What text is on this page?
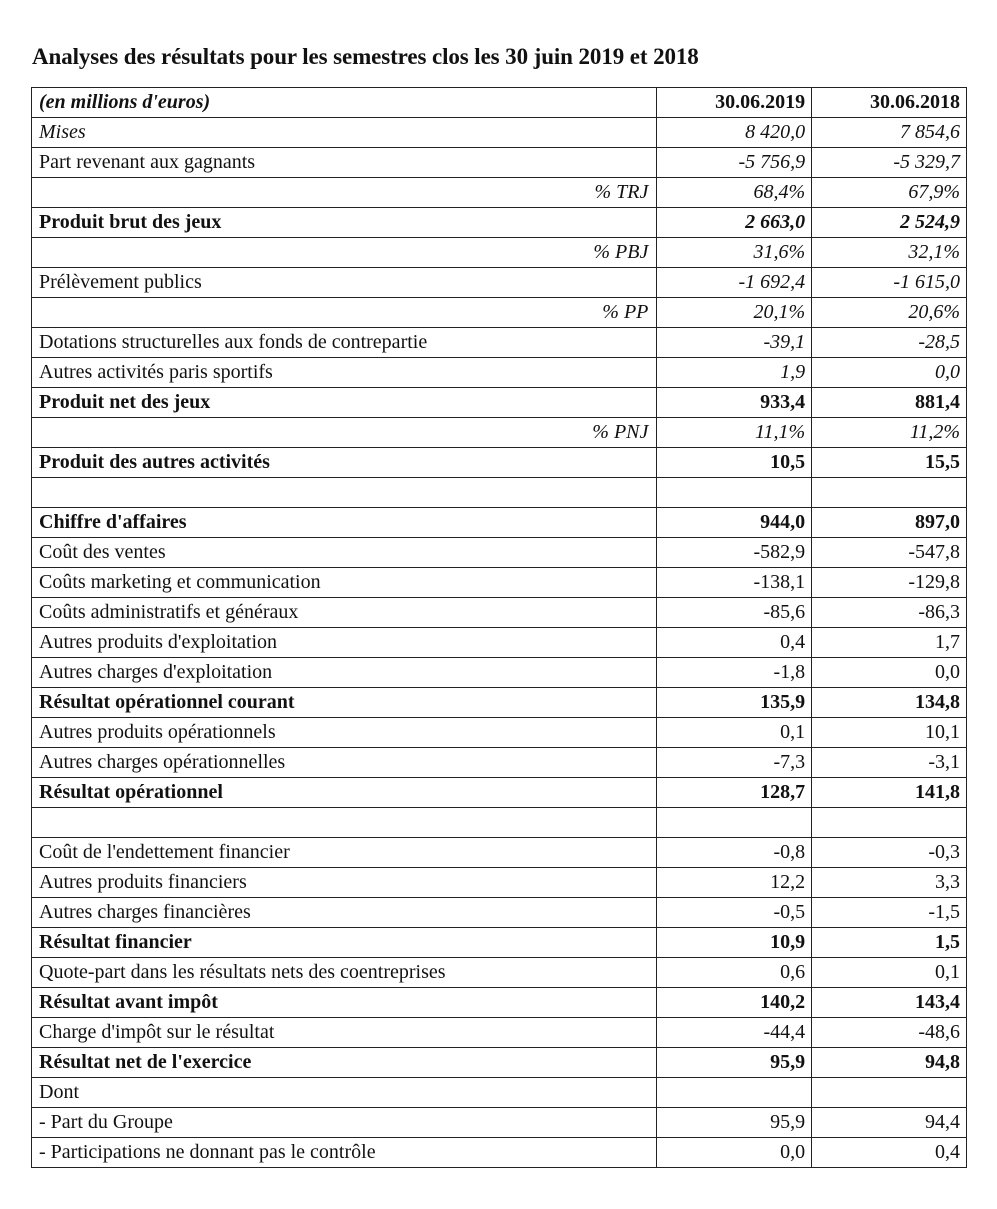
Analyses des résultats pour les semestres clos les 30 juin 2019 et 2018
(en millions d'euros)	30.06.2019	30.06.2018
Mises	8 420,0	7 854,6
Part revenant aux gagnants	-5 756,9	-5 329,7
% TRJ	68,4%	67,9%
Produit brut des jeux	2 663,0	2 524,9
% PBJ	31,6%	32,1%
Prélèvement publics	-1 692,4	-1 615,0
% PP	20,1%	20,6%
Dotations structurelles aux fonds de contrepartie	-39,1	-28,5
Autres activités paris sportifs	1,9	0,0
Produit net des jeux	933,4	881,4
% PNJ	11,1%	11,2%
Produit des autres activités	10,5	15,5

Chiffre d'affaires	944,0	897,0
Coût des ventes	-582,9	-547,8
Coûts marketing et communication	-138,1	-129,8
Coûts administratifs et généraux	-85,6	-86,3
Autres produits d'exploitation	0,4	1,7
Autres charges d'exploitation	-1,8	0,0
Résultat opérationnel courant	135,9	134,8
Autres produits opérationnels	0,1	10,1
Autres charges opérationnelles	-7,3	-3,1
Résultat opérationnel	128,7	141,8

Coût de l'endettement financier	-0,8	-0,3
Autres produits financiers	12,2	3,3
Autres charges financières	-0,5	-1,5
Résultat financier	10,9	1,5
Quote-part dans les résultats nets des coentreprises	0,6	0,1
Résultat avant impôt	140,2	143,4
Charge d'impôt sur le résultat	-44,4	-48,6
Résultat net de l'exercice	95,9	94,8
Dont		
- Part du Groupe	95,9	94,4
- Participations ne donnant pas le contrôle	0,0	0,4
